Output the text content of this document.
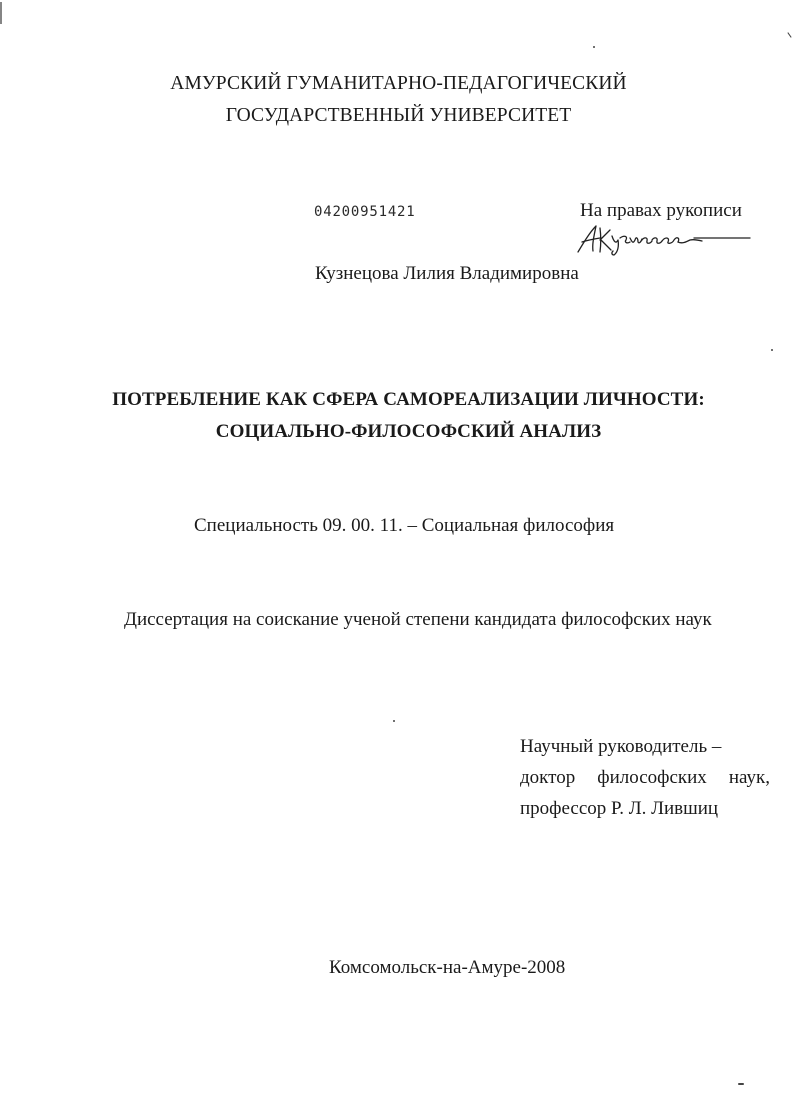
АМУРСКИЙ ГУМАНИТАРНО-ПЕДАГОГИЧЕСКИЙ
ГОСУДАРСТВЕННЫЙ УНИВЕРСИТЕТ
04200951421	На правах рукописи
Кузнецова Лилия Владимировна
ПОТРЕБЛЕНИЕ КАК СФЕРА САМОРЕАЛИЗАЦИИ ЛИЧНОСТИ:
СОЦИАЛЬНО-ФИЛОСОФСКИЙ АНАЛИЗ
Специальность 09. 00. 11. – Социальная философия
Диссертация на соискание ученой степени кандидата философских наук
Научный руководитель –
доктор философских наук,
профессор Р. Л. Лившиц
Комсомольск-на-Амуре-2008
